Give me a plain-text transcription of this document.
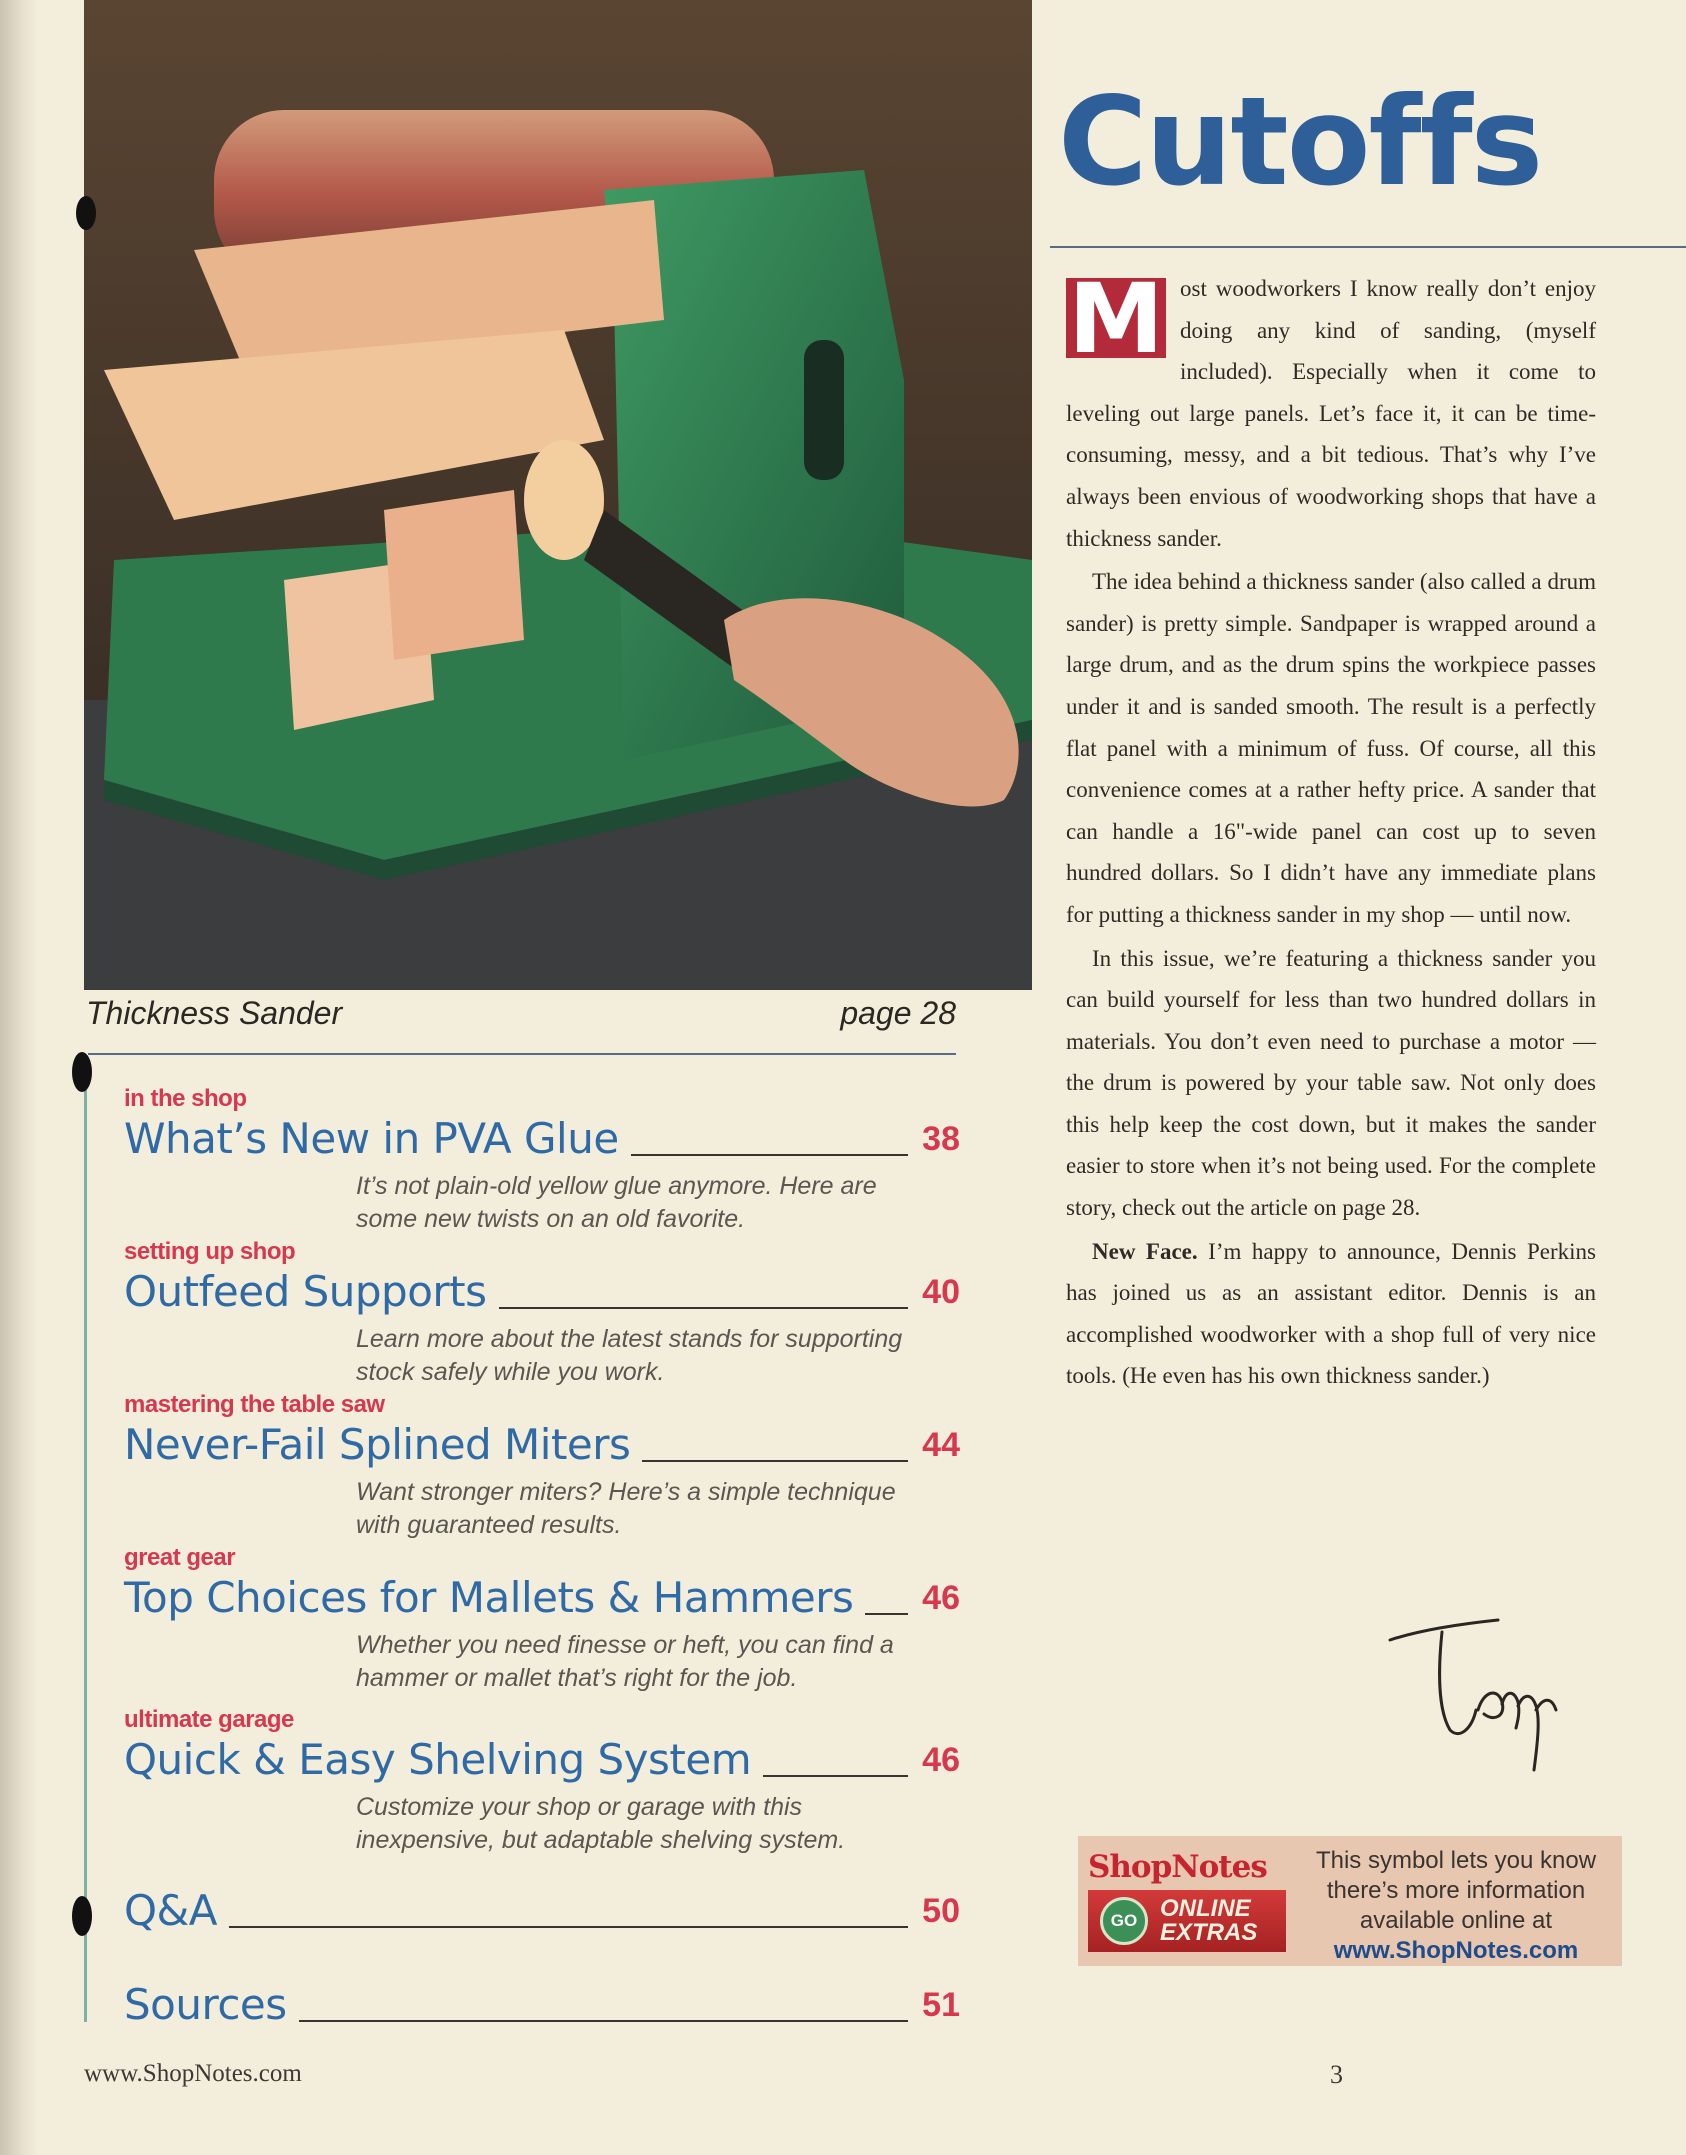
Thickness Sander	page 28
in the shop
What’s New in PVA Glue	38
It’s not plain-old yellow glue anymore. Here are some new twists on an old favorite.
setting up shop
Outfeed Supports	40
Learn more about the latest stands for supporting stock safely while you work.
mastering the table saw
Never-Fail Splined Miters	44
Want stronger miters? Here’s a simple technique with guaranteed results.
great gear
Top Choices for Mallets & Hammers 46
Whether you need finesse or heft, you can find a hammer or mallet that’s right for the job.
ultimate garage
Quick & Easy Shelving System	46
Customize your shop or garage with this inexpensive, but adaptable shelving system.
Q&A	50
Sources	51
www.ShopNotes.com	3
Cutoffs

M ost woodworkers I know really don’t enjoy doing any kind of sanding, (myself included). Especially when it come to leveling out large panels. Let’s face it, it can be time-consuming, messy, and a bit tedious. That’s why I’ve always been envious of woodworking shops that have a thickness sander.

The idea behind a thickness sander (also called a drum sander) is pretty simple. Sandpaper is wrapped around a large drum, and as the drum spins the workpiece passes under it and is sanded smooth. The result is a perfectly flat panel with a minimum of fuss. Of course, all this convenience comes at a rather hefty price. A sander that can handle a 16"-wide panel can cost up to seven hundred dollars. So I didn’t have any immediate plans for putting a thickness sander in my shop — until now.

In this issue, we’re featuring a thickness sander you can build yourself for less than two hundred dollars in materials. You don’t even need to purchase a motor — the drum is powered by your table saw. Not only does this help keep the cost down, but it makes the sander easier to store when it’s not being used. For the complete story, check out the article on page 28.

New Face. I’m happy to announce, Dennis Perkins has joined us as an assistant editor. Dennis is an accomplished woodworker with a shop full of very nice tools. (He even has his own thickness sander.)

ShopNotes
GO ONLINE
EXTRAS
This symbol lets you know there’s more information available online at
www.ShopNotes.com
